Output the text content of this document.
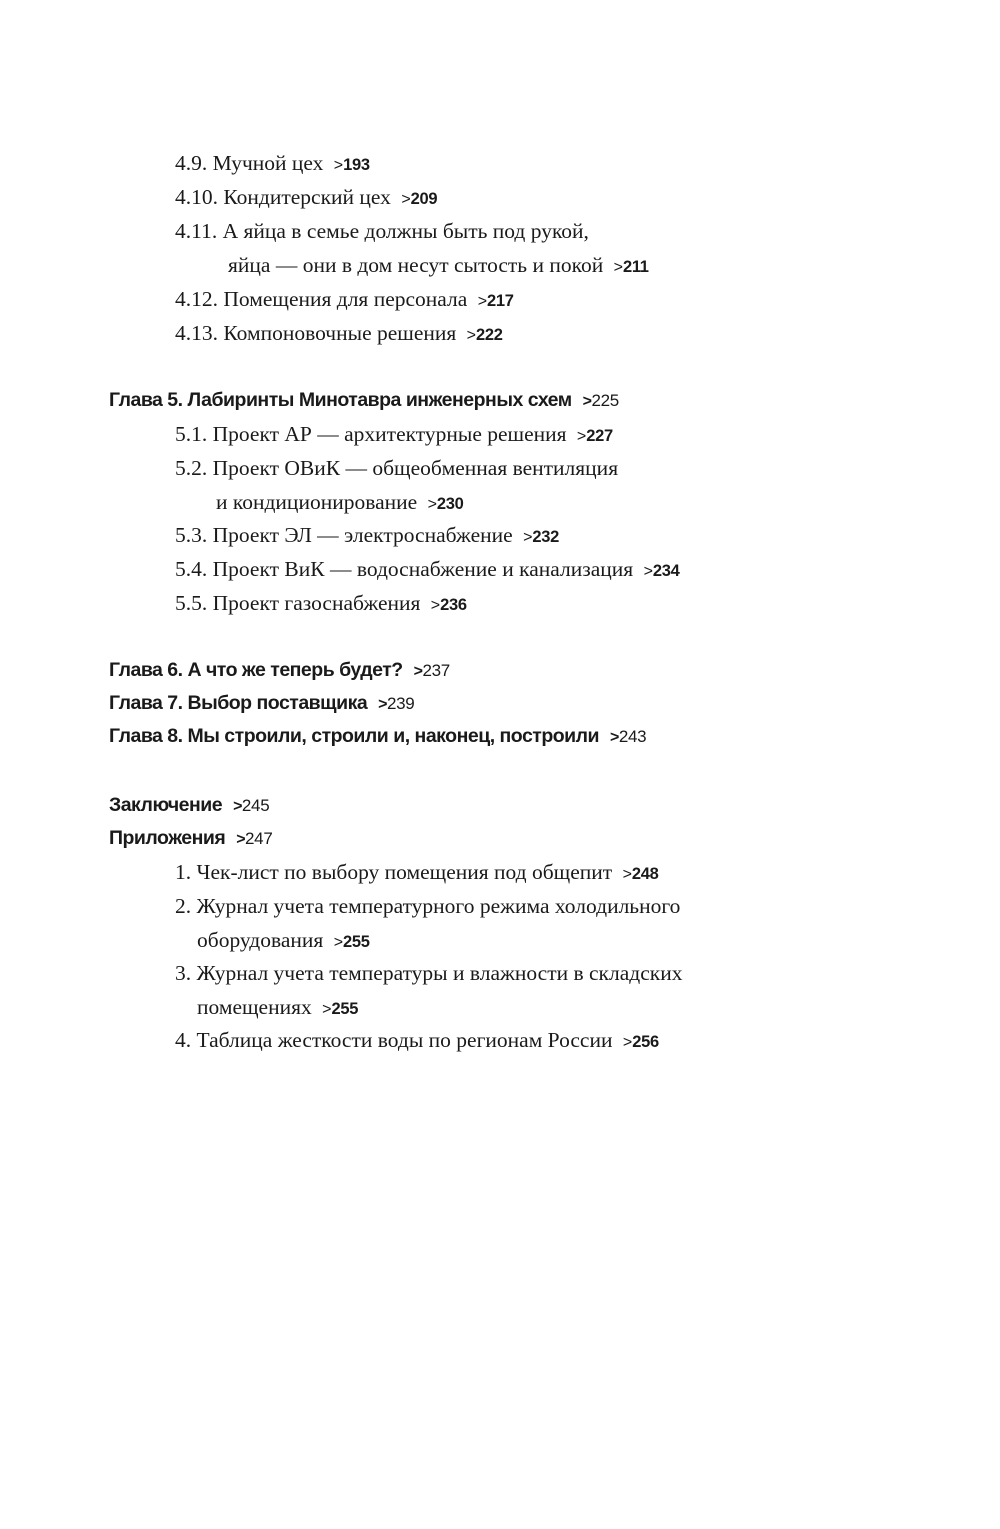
4.9. Мучной цех >193
4.10. Кондитерский цех >209
4.11. А яйца в семье должны быть под рукой,
яйца — они в дом несут сытость и покой >211
4.12. Помещения для персонала >217
4.13. Компоновочные решения >222
Глава 5. Лабиринты Минотавра инженерных схем >225
5.1. Проект АР — архитектурные решения >227
5.2. Проект ОВиК — общеобменная вентиляция
и кондиционирование >230
5.3. Проект ЭЛ — электроснабжение >232
5.4. Проект ВиК — водоснабжение и канализация >234
5.5. Проект газоснабжения >236
Глава 6. А что же теперь будет? >237
Глава 7. Выбор поставщика >239
Глава 8. Мы строили, строили и, наконец, построили >243
Заключение >245
Приложения >247
1. Чек-лист по выбору помещения под общепит >248
2. Журнал учета температурного режима холодильного
оборудования >255
3. Журнал учета температуры и влажности в складских
помещениях >255
4. Таблица жесткости воды по регионам России >256
